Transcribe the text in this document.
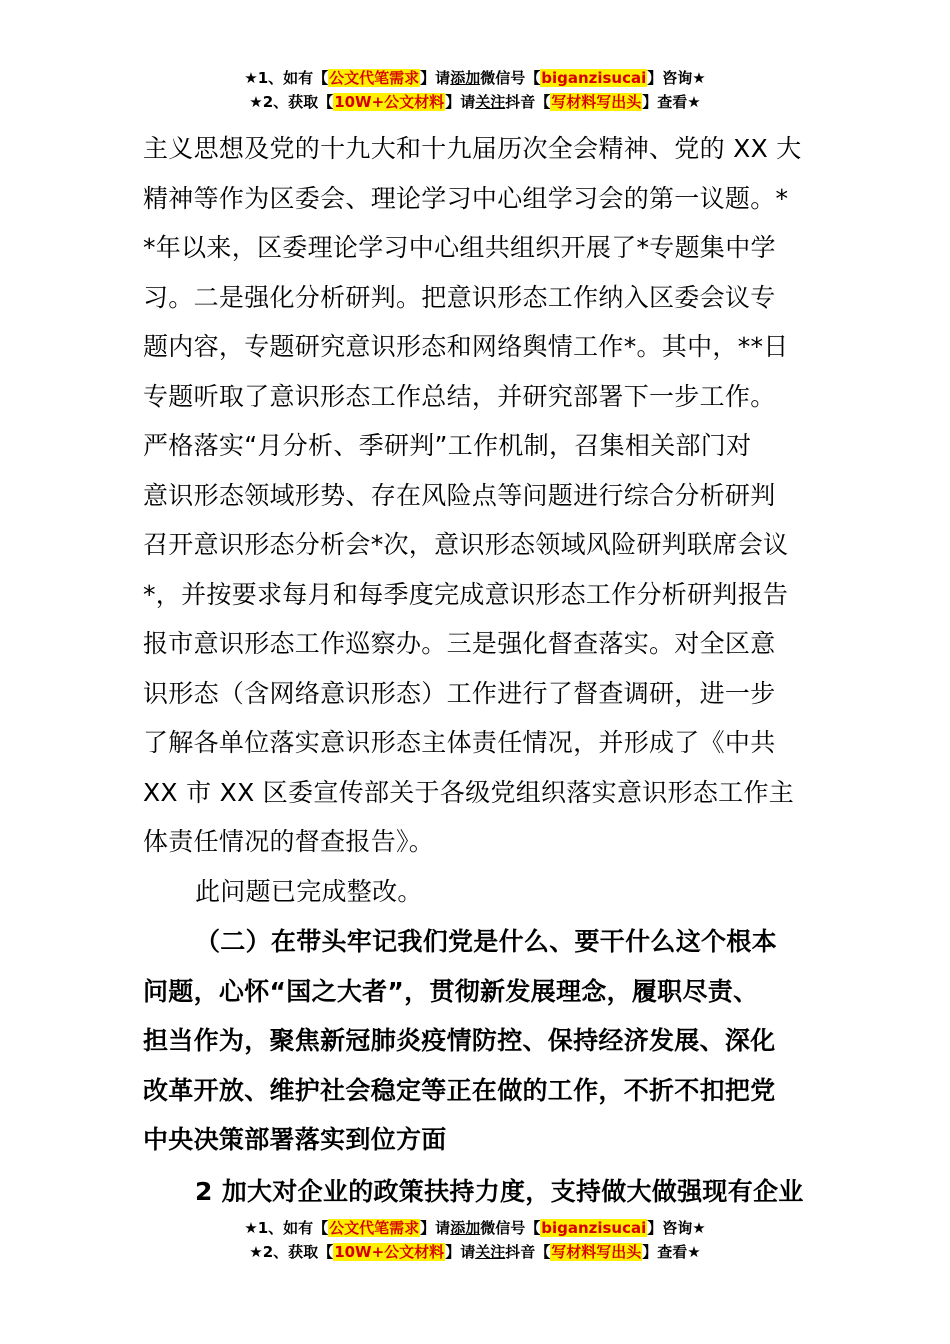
★1、如有【公文代笔需求】请添加微信号【biganzisucai】咨询★
★2、获取【10W+公文材料】请关注抖音【写材料写出头】查看★
主义思想及党的十九大和十九届历次全会精神、党的 XX 大
精神等作为区委会、理论学习中心组学习会的第一议题。*
*年以来，区委理论学习中心组共组织开展了*专题集中学
习。二是强化分析研判。把意识形态工作纳入区委会议专
题内容，专题研究意识形态和网络舆情工作*。其中，**日
专题听取了意识形态工作总结，并研究部署下一步工作。
严格落实“月分析、季研判”工作机制，召集相关部门对
意识形态领域形势、存在风险点等问题进行综合分析研判
召开意识形态分析会*次，意识形态领域风险研判联席会议
*，并按要求每月和每季度完成意识形态工作分析研判报告
报市意识形态工作巡察办。三是强化督查落实。对全区意
识形态（含网络意识形态）工作进行了督查调研，进一步
了解各单位落实意识形态主体责任情况，并形成了《中共
XX 市 XX 区委宣传部关于各级党组织落实意识形态工作主
体责任情况的督查报告》。
此问题已完成整改。
（二）在带头牢记我们党是什么、要干什么这个根本
问题，心怀“国之大者”，贯彻新发展理念，履职尽责、
担当作为，聚焦新冠肺炎疫情防控、保持经济发展、深化
改革开放、维护社会稳定等正在做的工作，不折不扣把党
中央决策部署落实到位方面
2 加大对企业的政策扶持力度，支持做大做强现有企业
★1、如有【公文代笔需求】请添加微信号【biganzisucai】咨询★
★2、获取【10W+公文材料】请关注抖音【写材料写出头】查看★
